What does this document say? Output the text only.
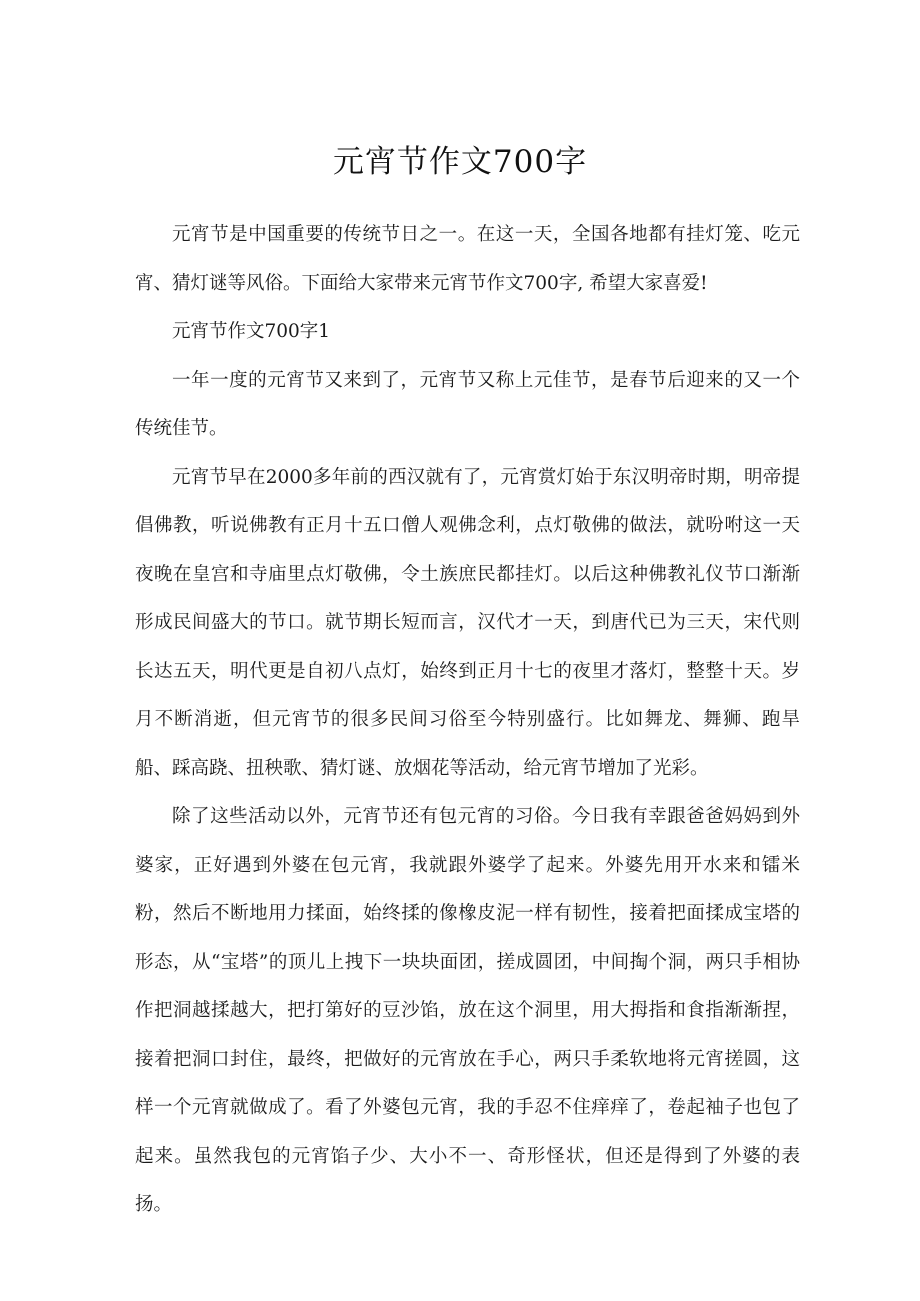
元宵节作文700字

元宵节是中国重要的传统节日之一。在这一天，全国各地都有挂灯笼、吃元宵、猜灯谜等风俗。下面给大家带来元宵节作文700字, 希望大家喜爱!

元宵节作文700字1

一年一度的元宵节又来到了，元宵节又称上元佳节，是春节后迎来的又一个传统佳节。

元宵节早在2000多年前的西汉就有了，元宵赏灯始于东汉明帝时期，明帝提倡佛教，听说佛教有正月十五口僧人观佛念利，点灯敬佛的做法，就吩咐这一天夜晚在皇宫和寺庙里点灯敬佛，令土族庶民都挂灯。以后这种佛教礼仪节口渐渐形成民间盛大的节口。就节期长短而言，汉代才一天，到唐代已为三天，宋代则长达五天，明代更是自初八点灯，始终到正月十七的夜里才落灯，整整十天。岁月不断消逝，但元宵节的很多民间习俗至今特别盛行。比如舞龙、舞狮、跑旱船、踩高跷、扭秧歌、猜灯谜、放烟花等活动，给元宵节增加了光彩。

除了这些活动以外，元宵节还有包元宵的习俗。今日我有幸跟爸爸妈妈到外婆家，正好遇到外婆在包元宵，我就跟外婆学了起来。外婆先用开水来和镭米粉，然后不断地用力揉面，始终揉的像橡皮泥一样有韧性，接着把面揉成宝塔的形态，从“宝塔”的顶儿上拽下一块块面团，搓成圆团，中间掏个洞，两只手相协作把洞越揉越大，把打第好的豆沙馅，放在这个洞里，用大拇指和食指渐渐捏，接着把洞口封住，最终，把做好的元宵放在手心，两只手柔软地将元宵搓圆，这样一个元宵就做成了。看了外婆包元宵，我的手忍不住痒痒了，卷起袖子也包了起来。虽然我包的元宵馅子少、大小不一、奇形怪状，但还是得到了外婆的表扬。
